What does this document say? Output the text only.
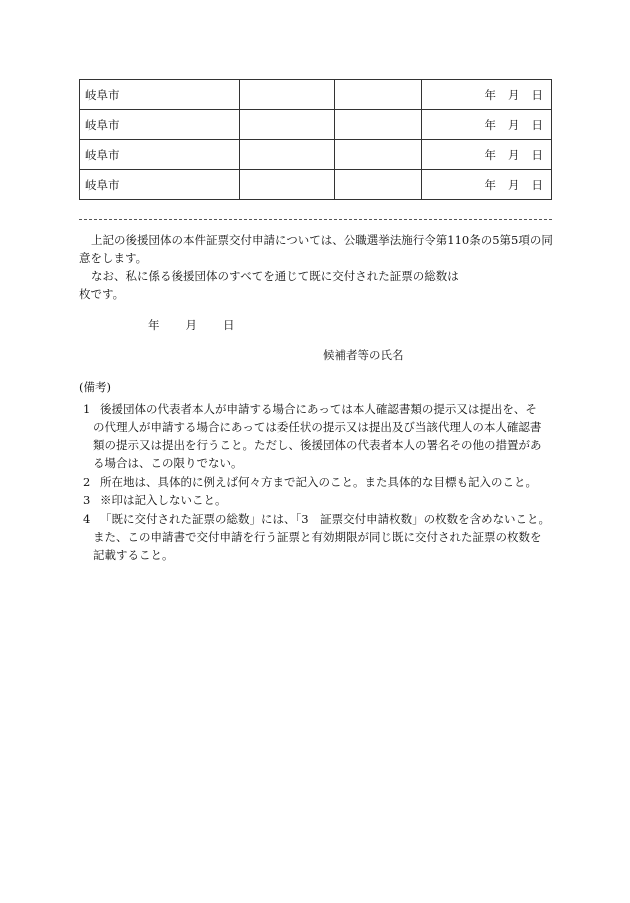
岐阜市			年 月 日
岐阜市			年 月 日
岐阜市			年 月 日
岐阜市			年 月 日
上記の後援団体の本件証票交付申請については、公職選挙法施行令第110条の5第5項の同
意をします。
なお、私に係る後援団体のすべてを通じて既に交付された証票の総数は
枚です。
年 月 日
候補者等の氏名
(備考)
1 後援団体の代表者本人が申請する場合にあっては本人確認書類の提示又は提出を、そ
の代理人が申請する場合にあっては委任状の提示又は提出及び当該代理人の本人確認書
類の提示又は提出を行うこと。ただし、後援団体の代表者本人の署名その他の措置があ
る場合は、この限りでない。
2 所在地は、具体的に例えば何々方まで記入のこと。また具体的な目標も記入のこと。
3 ※印は記入しないこと。
4 「既に交付された証票の総数」には、「3　証票交付申請枚数」の枚数を含めないこと。
また、この申請書で交付申請を行う証票と有効期限が同じ既に交付された証票の枚数を
記載すること。
